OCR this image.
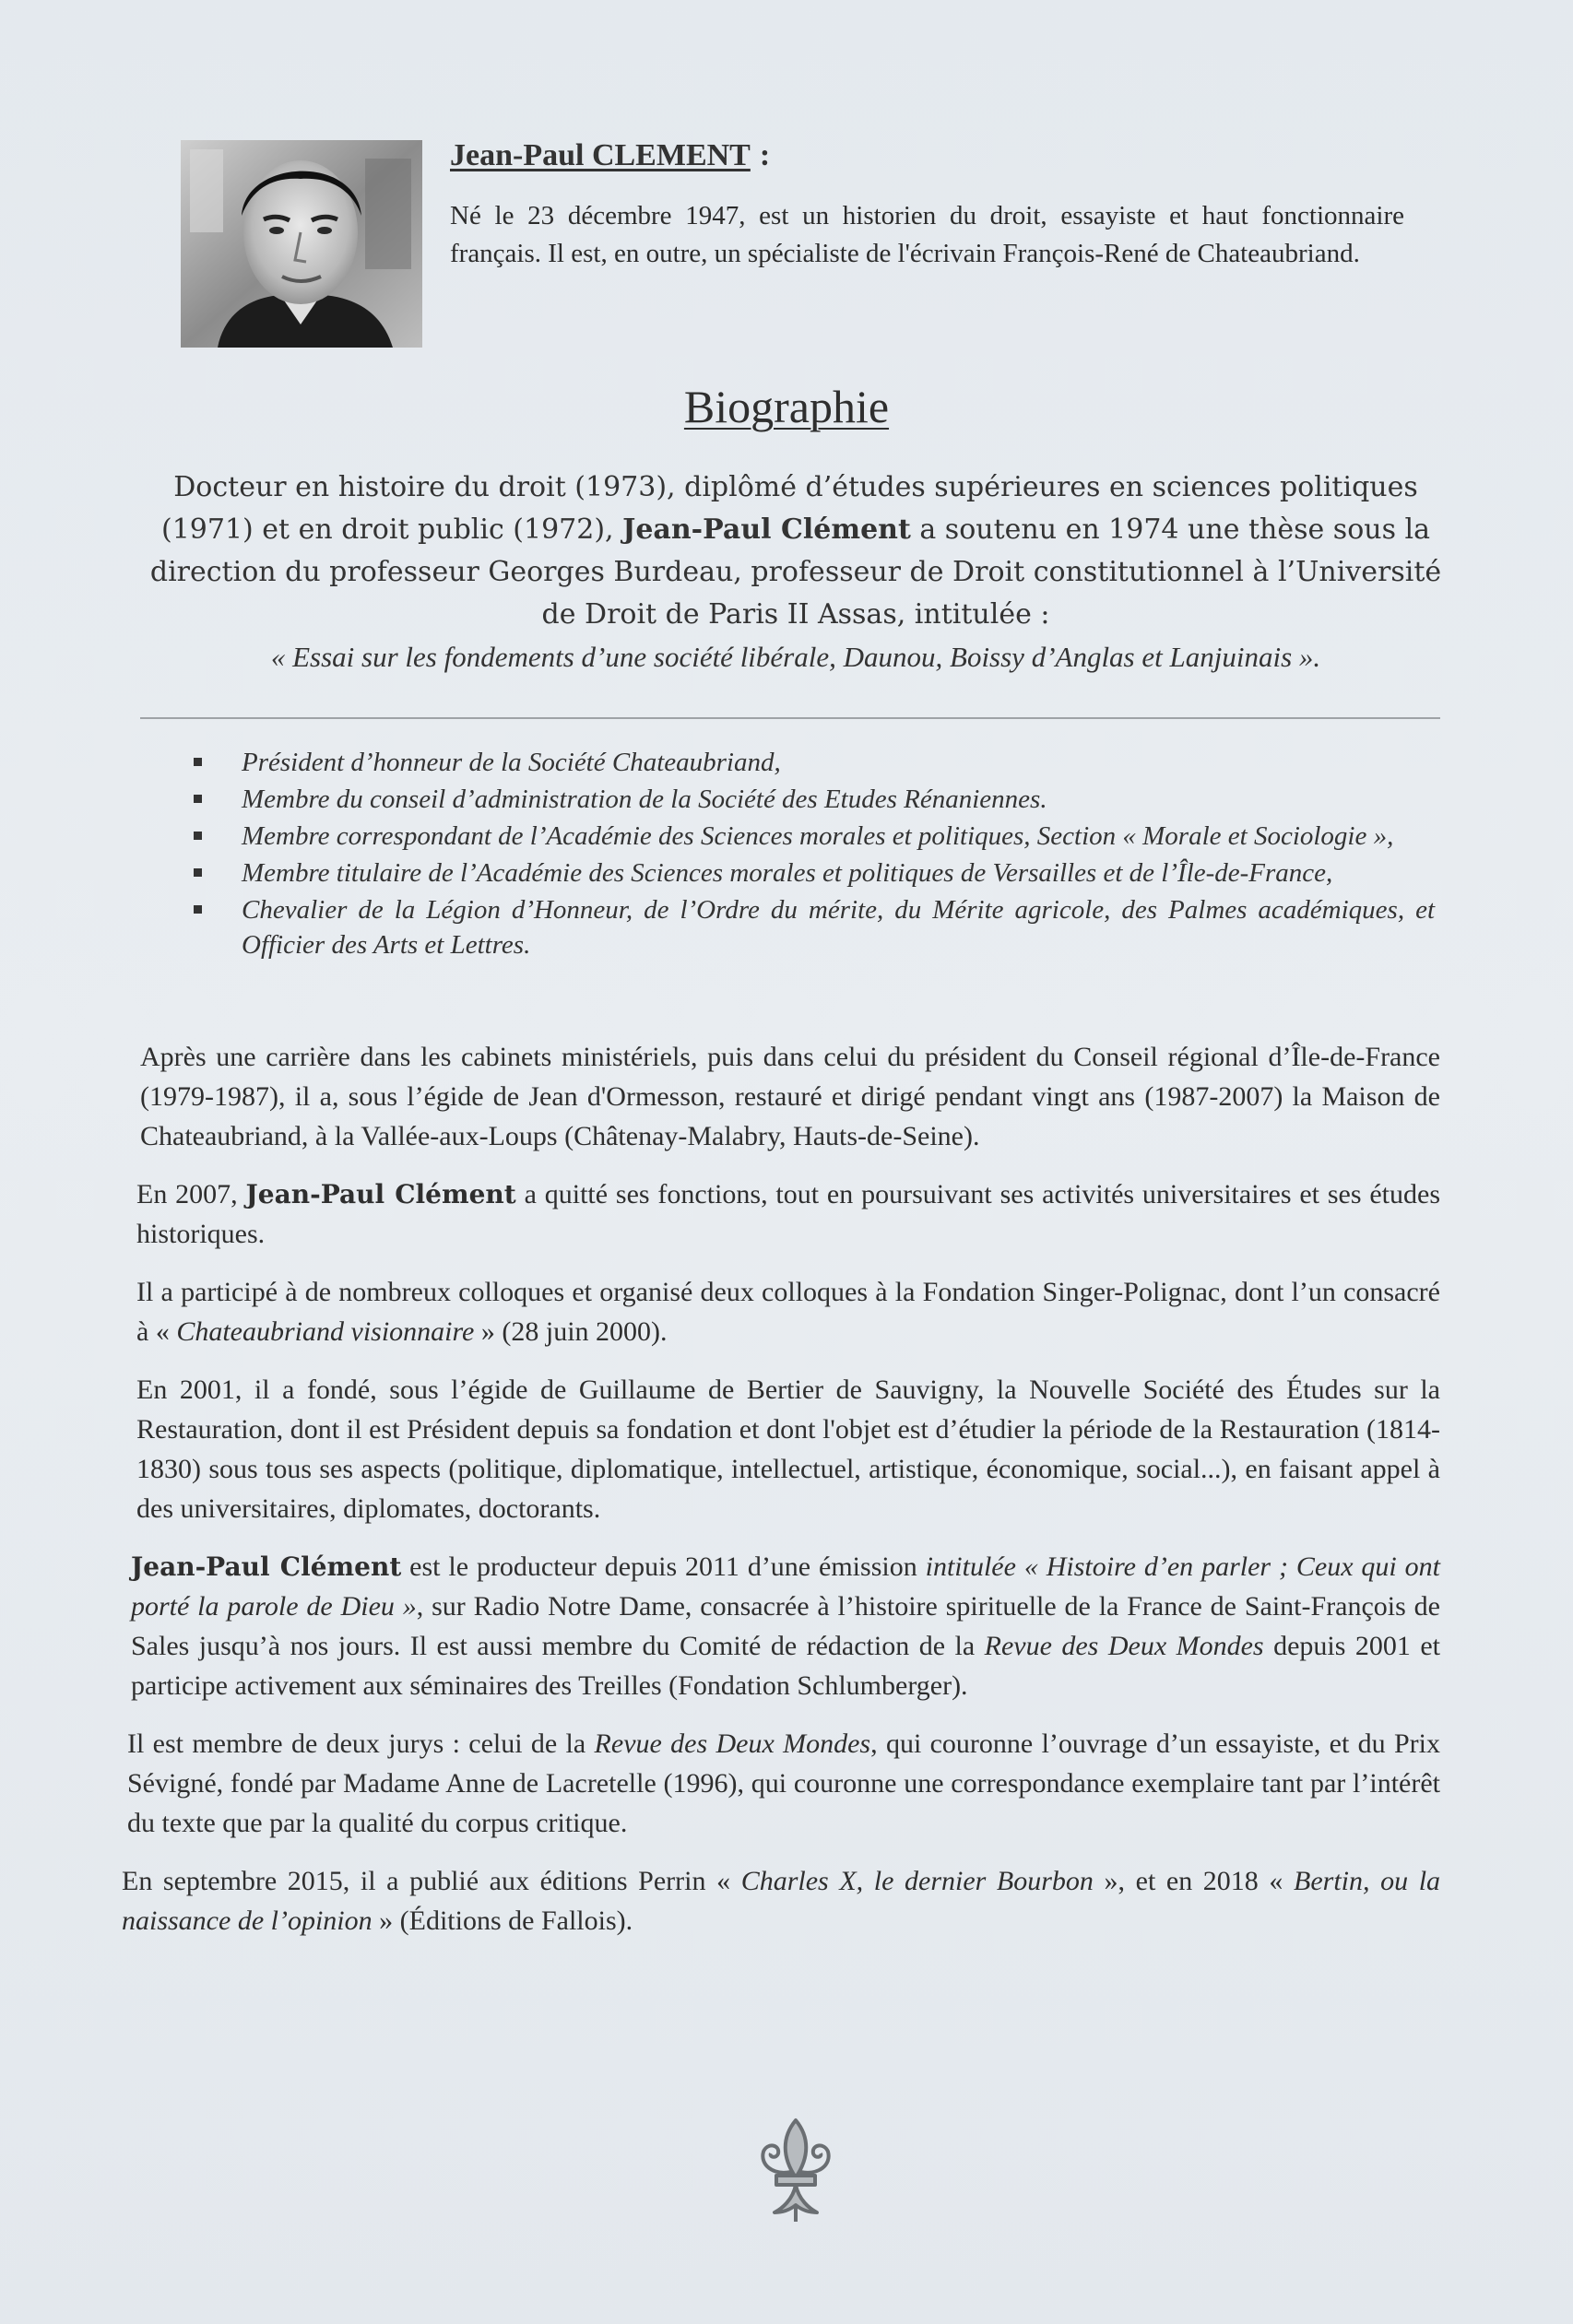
Jean-Paul CLEMENT :

Né le 23 décembre 1947, est un historien du droit, essayiste et haut fonctionnaire français. Il est, en outre, un spécialiste de l'écrivain François-René de Chateaubriand.

Biographie
Docteur en histoire du droit (1973), diplômé d’études supérieures en sciences politiques (1971) et en droit public (1972), Jean-Paul Clément a soutenu en 1974 une thèse sous la direction du professeur Georges Burdeau, professeur de Droit constitutionnel à l’Université de Droit de Paris II Assas, intitulée :
« Essai sur les fondements d’une société libérale, Daunou, Boissy d’Anglas et Lanjuinais ».
Président d’honneur de la Société Chateaubriand,
Membre du conseil d’administration de la Société des Etudes Rénaniennes.
Membre correspondant de l’Académie des Sciences morales et politiques, Section « Morale et Sociologie »,
Membre titulaire de l’Académie des Sciences morales et politiques de Versailles et de l’Île-de-France,
Chevalier de la Légion d’Honneur, de l’Ordre du mérite, du Mérite agricole, des Palmes académiques, et Officier des Arts et Lettres.

Après une carrière dans les cabinets ministériels, puis dans celui du président du Conseil régional d’Île-de-France (1979-1987), il a, sous l’égide de Jean d'Ormesson, restauré et dirigé pendant vingt ans (1987-2007) la Maison de Chateaubriand, à la Vallée-aux-Loups (Châtenay-Malabry, Hauts-de-Seine).

En 2007, Jean-Paul Clément a quitté ses fonctions, tout en poursuivant ses activités universitaires et ses études historiques.

Il a participé à de nombreux colloques et organisé deux colloques à la Fondation Singer-Polignac, dont l’un consacré à « Chateaubriand visionnaire » (28 juin 2000).

En 2001, il a fondé, sous l’égide de Guillaume de Bertier de Sauvigny, la Nouvelle Société des Études sur la Restauration, dont il est Président depuis sa fondation et dont l'objet est d’étudier la période de la Restauration (1814-1830) sous tous ses aspects (politique, diplomatique, intellectuel, artistique, économique, social...), en faisant appel à des universitaires, diplomates, doctorants.

Jean-Paul Clément est le producteur depuis 2011 d’une émission intitulée « Histoire d’en parler ; Ceux qui ont porté la parole de Dieu », sur Radio Notre Dame, consacrée à l’histoire spirituelle de la France de Saint-François de Sales jusqu’à nos jours. Il est aussi membre du Comité de rédaction de la Revue des Deux Mondes depuis 2001 et participe activement aux séminaires des Treilles (Fondation Schlumberger).

Il est membre de deux jurys : celui de la Revue des Deux Mondes, qui couronne l’ouvrage d’un essayiste, et du Prix Sévigné, fondé par Madame Anne de Lacretelle (1996), qui couronne une correspondance exemplaire tant par l’intérêt du texte que par la qualité du corpus critique.

En septembre 2015, il a publié aux éditions Perrin « Charles X, le dernier Bourbon », et en 2018 « Bertin, ou la naissance de l’opinion » (Éditions de Fallois).
